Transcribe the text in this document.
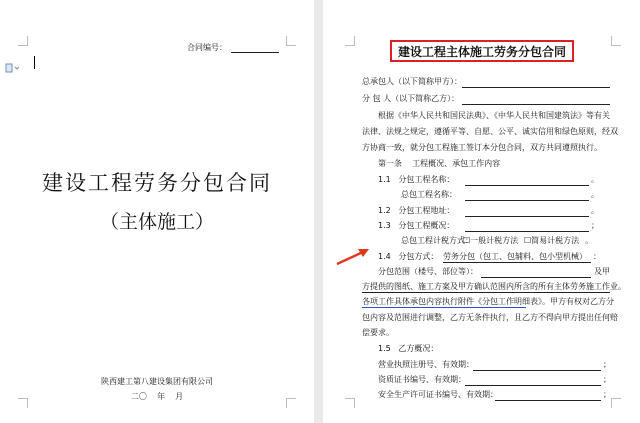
合同编号：
建设工程劳务分包合同
（主体施工）
陕西建工第八建设集团有限公司
二〇    年    月
建设工程主体施工劳务分包合同
总承包人（以下简称甲方）：
分 包 人（以下简称乙方）：
根据《中华人民共和国民法典》、《中华人民共和国建筑法》等有关
法律、法规之规定，遵循平等、自愿、公平、诚实信用和绿色原则，经双
方协商一致，就分包工程施工签订本分包合同，双方共同遵照执行。
第一条    工程概况、承包工作内容
1.1   分包工程名称：	。
总包工程名称：	。
1.2   分包工程地址：	。
1.3   分包工程概况：	；
总包工程计税方式：
☐一般计税方法 ☐简易计税方法 。
1.4   分包方式： 劳务分包（包工、包辅料、包小型机械） ：
分包范围（楼号、部位等）：	及甲
方提供的图纸、施工方案及甲方确认范围内所含的所有主体劳务施工作业。
各项工作具体承包内容执行附件《分包工作明细表》。甲方有权对乙方分
包内容及范围进行调整，乙方无条件执行，且乙方不得向甲方提出任何赔
偿要求。
1.5   乙方概况：
营业执照注册号、有效期：	；
资质证书编号、有效期：	；
安全生产许可证书编号、有效期：	；
